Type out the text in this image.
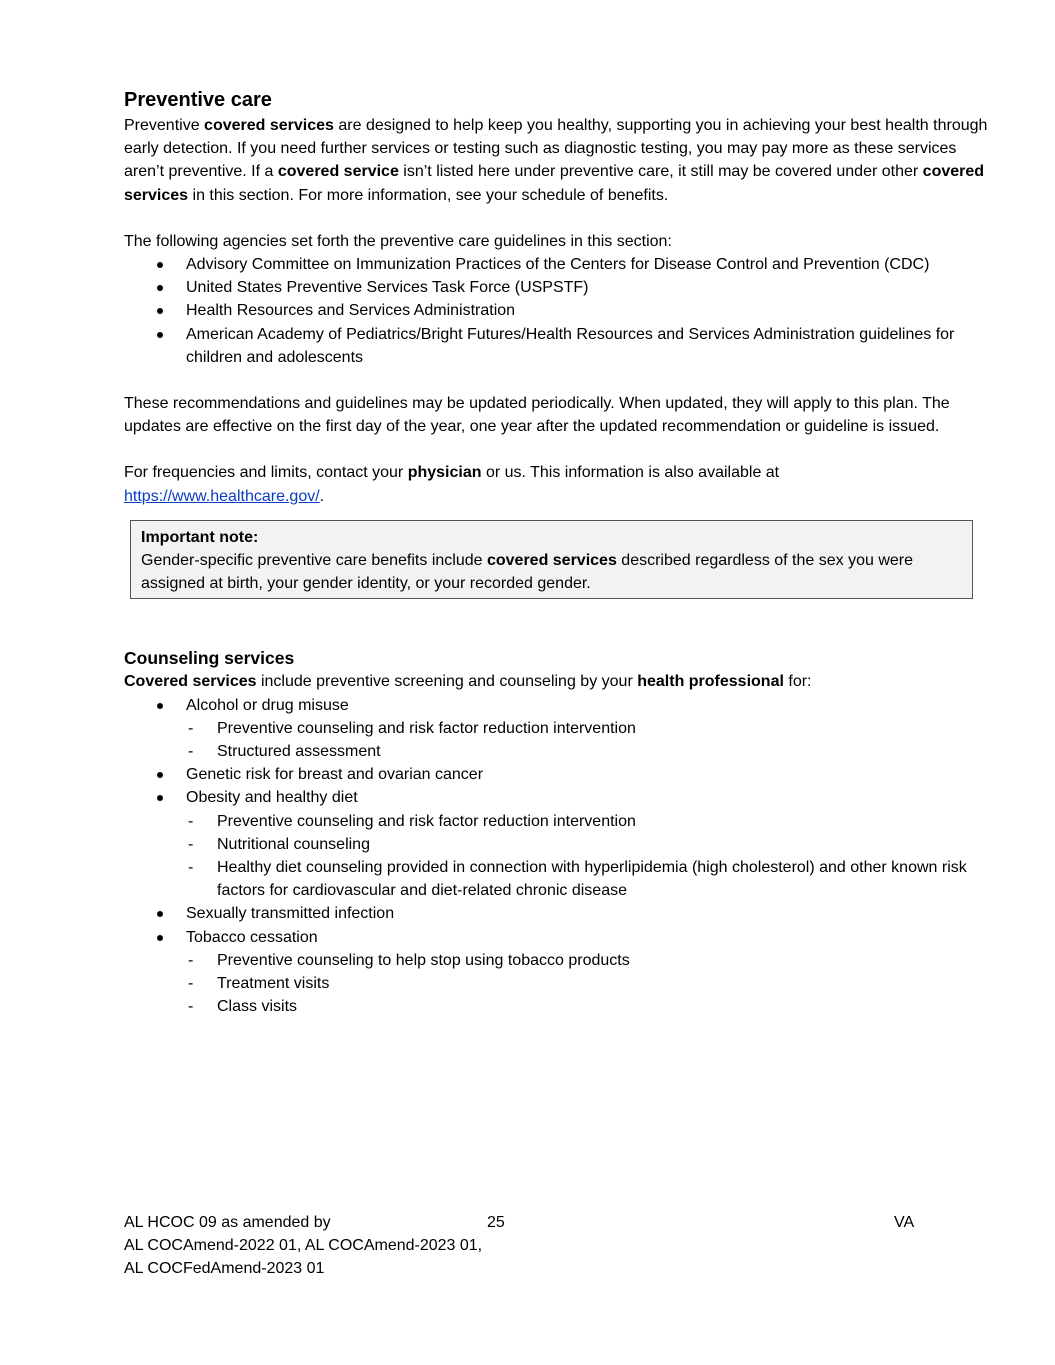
Preventive care

Preventive covered services are designed to help keep you healthy, supporting you in achieving your best health through early detection. If you need further services or testing such as diagnostic testing, you may pay more as these services aren’t preventive. If a covered service isn’t listed here under preventive care, it still may be covered under other covered services in this section. For more information, see your schedule of benefits.

The following agencies set forth the preventive care guidelines in this section:

Advisory Committee on Immunization Practices of the Centers for Disease Control and Prevention (CDC)
United States Preventive Services Task Force (USPSTF)
Health Resources and Services Administration
American Academy of Pediatrics/Bright Futures/Health Resources and Services Administration guidelines for children and adolescents

These recommendations and guidelines may be updated periodically. When updated, they will apply to this plan. The updates are effective on the first day of the year, one year after the updated recommendation or guideline is issued.

For frequencies and limits, contact your physician or us. This information is also available at
https://www.healthcare.gov/.

Important note:

Gender-specific preventive care benefits include covered services described regardless of the sex you were assigned at birth, your gender identity, or your recorded gender.

Counseling services

Covered services include preventive screening and counseling by your health professional for:

Alcohol or drug misuse
- Preventive counseling and risk factor reduction intervention
- Structured assessment
Genetic risk for breast and ovarian cancer
Obesity and healthy diet
- Preventive counseling and risk factor reduction intervention
- Nutritional counseling
- Healthy diet counseling provided in connection with hyperlipidemia (high cholesterol) and other known risk factors for cardiovascular and diet-related chronic disease
Sexually transmitted infection
Tobacco cessation
- Preventive counseling to help stop using tobacco products
- Treatment visits
- Class visits
AL HCOC 09 as amended by
AL COCAmend-2022 01, AL COCAmend-2023 01,
AL COCFedAmend-2023 01
25	VA
